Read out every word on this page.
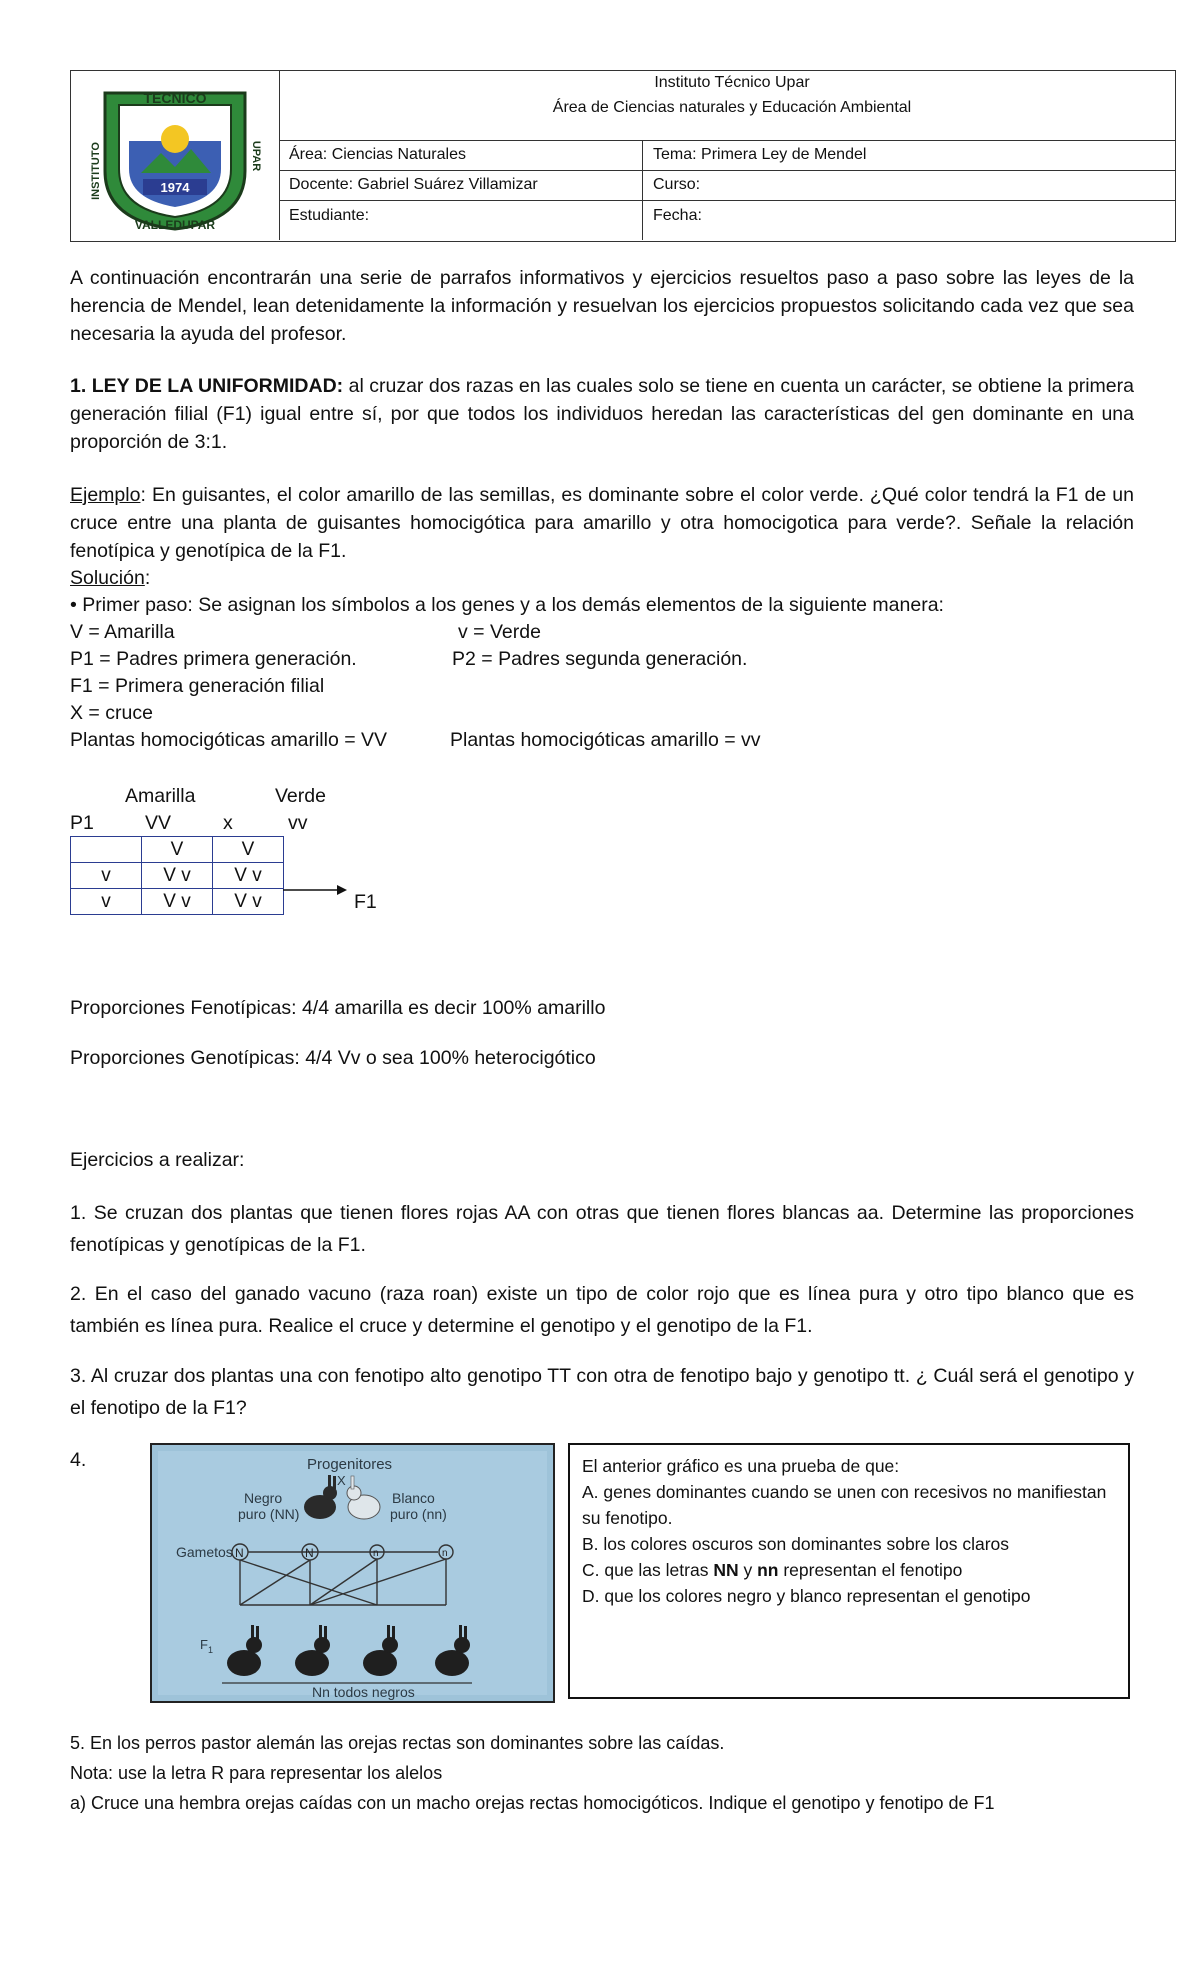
1974
TECNICO
VALLEDUPAR
INSTITUTO	UPAR
Instituto Técnico Upar
Área de Ciencias naturales y Educación Ambiental
Área: Ciencias Naturales	Tema: Primera Ley de Mendel
Docente: Gabriel Suárez Villamizar	Curso:
Estudiante:	Fecha:
A continuación encontrarán una serie de parrafos informativos y ejercicios resueltos paso a paso sobre las leyes de la herencia de Mendel, lean detenidamente la información y resuelvan los ejercicios propuestos solicitando cada vez que sea necesaria la ayuda del profesor.
1. LEY DE LA UNIFORMIDAD: al cruzar dos razas en las cuales solo se tiene en cuenta un carácter, se obtiene la primera generación filial (F1) igual entre sí, por que todos los individuos heredan las características del gen dominante en una proporción de 3:1.
Ejemplo: En guisantes, el color amarillo de las semillas, es dominante sobre el color verde. ¿Qué color tendrá la F1 de un cruce entre una planta de guisantes homocigótica para amarillo y otra homocigotica para verde?. Señale la relación fenotípica y genotípica de la F1.
Solución:
• Primer paso: Se asignan los símbolos a los genes y a los demás elementos de la siguiente manera:
V = Amarilla	v = Verde
P1 = Padres primera generación.	P2 = Padres segunda generación.
F1 = Primera generación filial
X = cruce
Plantas homocigóticas amarillo = VV	Plantas homocigóticas amarillo = vv
Amarilla	Verde
P1	VV	x	vv
	V	V
v	V v	V v
v	V v	V v	F1
Proporciones Fenotípicas: 4/4 amarilla es decir 100% amarillo
Proporciones Genotípicas: 4/4 Vv o sea 100% heterocigótico
Ejercicios a realizar:
1. Se cruzan dos plantas que tienen flores rojas AA con otras que tienen flores blancas aa. Determine las proporciones fenotípicas y genotípicas de la F1.
2. En el caso del ganado vacuno (raza roan) existe un tipo de color rojo que es línea pura y otro tipo blanco que es también es línea pura. Realice el cruce y determine el genotipo y el genotipo de la F1.
3. Al cruzar dos plantas una con fenotipo alto genotipo TT con otra de fenotipo bajo y genotipo tt. ¿ Cuál será el genotipo y el fenotipo de la F1?
4.	Progenitores
X
Negro
puro (NN)
Blanco
puro (nn)
Gametos N	N	n	n
F 1
Nn todos negros
El anterior gráfico es una prueba de que:
A. genes dominantes cuando se unen con recesivos no manifiestan su fenotipo.
B. los colores oscuros son dominantes sobre los claros
C. que las letras NN y nn representan el fenotipo
D. que los colores negro y blanco representan el genotipo
5. En los perros pastor alemán las orejas rectas son dominantes sobre las caídas.
Nota: use la letra R para representar los alelos
a) Cruce una hembra orejas caídas con un macho orejas rectas homocigóticos. Indique el genotipo y fenotipo de F1
